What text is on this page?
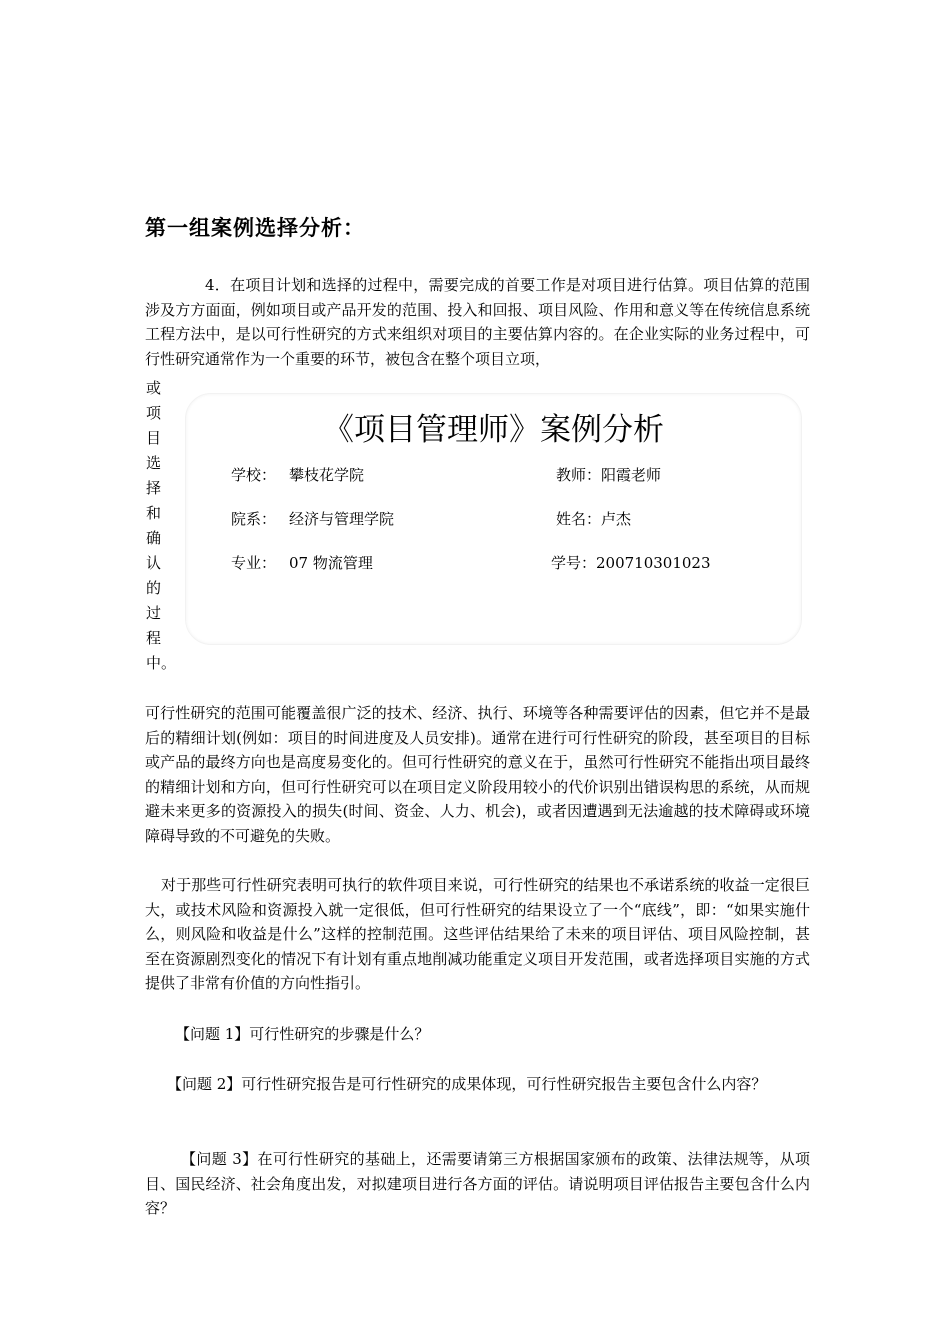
第一组案例选择分析：

4．在项目计划和选择的过程中，需要完成的首要工作是对项目进行估算。项目估算的范围涉及方方面面，例如项目或产品开发的范围、投入和回报、项目风险、作用和意义等在传统信息系统工程方法中，是以可行性研究的方式来组织对项目的主要估算内容的。在企业实际的业务过程中，可行性研究通常作为一个重要的环节，被包含在整个项目立项，

或
项
目
选
择
和
确
认
的
过
程
中。
《项目管理师》案例分析
学校： 攀枝花学院	教师：阳霞老师
院系： 经济与管理学院	姓名：卢杰
专业： 07 物流管理	学号：200710301023

可行性研究的范围可能覆盖很广泛的技术、经济、执行、环境等各种需要评估的因素，但它并不是最后的精细计划(例如：项目的时间进度及人员安排)。通常在进行可行性研究的阶段，甚至项目的目标或产品的最终方向也是高度易变化的。但可行性研究的意义在于，虽然可行性研究不能指出项目最终的精细计划和方向，但可行性研究可以在项目定义阶段用较小的代价识别出错误构思的系统，从而规避未来更多的资源投入的损失(时间、资金、人力、机会)，或者因遭遇到无法逾越的技术障碍或环境障碍导致的不可避免的失败。

对于那些可行性研究表明可执行的软件项目来说，可行性研究的结果也不承诺系统的收益一定很巨大，或技术风险和资源投入就一定很低，但可行性研究的结果设立了一个“底线”，即：“如果实施什么，则风险和收益是什么”这样的控制范围。这些评估结果给了未来的项目评估、项目风险控制，甚至在资源剧烈变化的情况下有计划有重点地削减功能重定义项目开发范围，或者选择项目实施的方式提供了非常有价值的方向性指引。

【问题 1】可行性研究的步骤是什么？

【问题 2】可行性研究报告是可行性研究的成果体现，可行性研究报告主要包含什么内容？

【问题 3】在可行性研究的基础上，还需要请第三方根据国家颁布的政策、法律法规等，从项目、国民经济、社会角度出发，对拟建项目进行各方面的评估。请说明项目评估报告主要包含什么内容？
